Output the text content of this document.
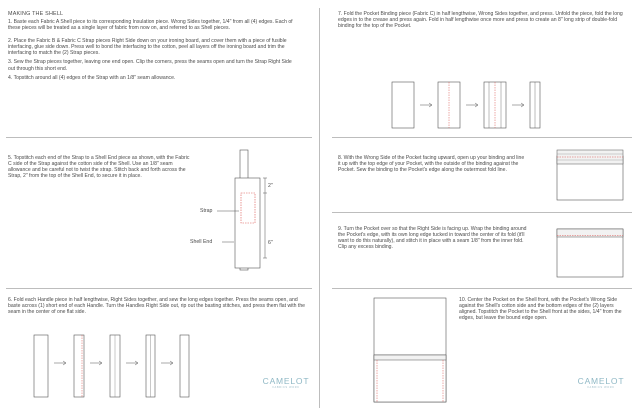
MAKING THE SHELL

1. Baste each Fabric A Shell piece to its corresponding Insulation piece. Wrong Sides together, 1/4" from all (4) edges. Each of these pieces will be treated as a single layer of fabric from now on, and referred to as Shell pieces.

2. Place the Fabric B & Fabric C Strap pieces Right Side down on your ironing board, and cover them with a piece of fusible interfacing, glue side down. Press well to bond the interfacing to the cotton, peel all layers off the ironing board and trim the interfacing to match the (2) Strap pieces.

3. Sew the Strap pieces together, leaving one end open. Clip the corners, press the seams open and turn the Strap Right Side out through this short end.

4. Topstitch around all (4) edges of the Strap with an 1/8" seam allowance.

5. Topstitch each end of the Strap to a Shell End piece as shown, with the Fabric C side of the Strap against the cotton side of the Shell. Use an 1/8" seam allowance and be careful not to twist the strap. Stitch back and forth across the Strap, 2" from the top of the Shell End, to secure it in place.
Strap
Shell End
2"
6"
6. Fold each Handle piece in half lengthwise, Right Sides together, and sew the long edges together. Press the seams open, and baste across (1) short end of each Handle. Turn the Handles Right Side out, rip out the basting stitches, and press them flat with the seam in the center of one flat side.
CAMELOT
FABRICS WORK
7. Fold the Pocket Binding piece (Fabric C) in half lengthwise, Wrong Sides together, and press. Unfold the piece, fold the long edges in to the crease and press again. Fold in half lengthwise once more and press to create an 8" long strip of double-fold binding for the top of the Pocket.
8. With the Wrong Side of the Pocket facing upward, open up your binding and line it up with the top edge of your Pocket, with the outside of the binding against the Pocket. Sew the binding to the Pocket's edge along the outermost fold line.
9. Turn the Pocket over so that the Right Side is facing up. Wrap the binding around the Pocket's edge, with its own long edge tucked in toward the center of its fold (it'll want to do this naturally), and stitch it in place with a seam 1/8" from the inner fold. Clip any excess binding.
10. Center the Pocket on the Shell front, with the Pocket's Wrong Side against the Shell's cotton side and the bottom edges of the (2) layers aligned. Topstitch the Pocket to the Shell front at the sides, 1/4" from the edges, but leave the bound edge open.
CAMELOT
FABRICS WORK
